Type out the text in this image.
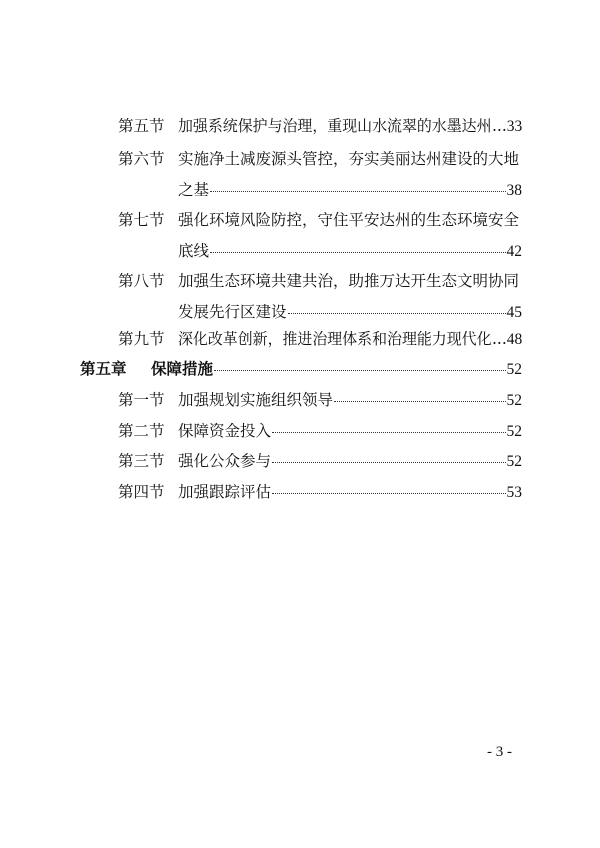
第五节 加强系统保护与治理，重现山水流翠的水墨达州 ... 33
第六节 实施净土减废源头管控，夯实美丽达州建设的大地
之基	38
第七节 强化环境风险防控，守住平安达州的生态环境安全
底线	42
第八节 加强生态环境共建共治，助推万达开生态文明协同
发展先行区建设	45
第九节 深化改革创新，推进治理体系和治理能力现代化 ... 48
第五章 保障措施	52
第一节 加强规划实施组织领导	52
第二节 保障资金投入	52
第三节 强化公众参与	52
第四节 加强跟踪评估	53
- 3 -
